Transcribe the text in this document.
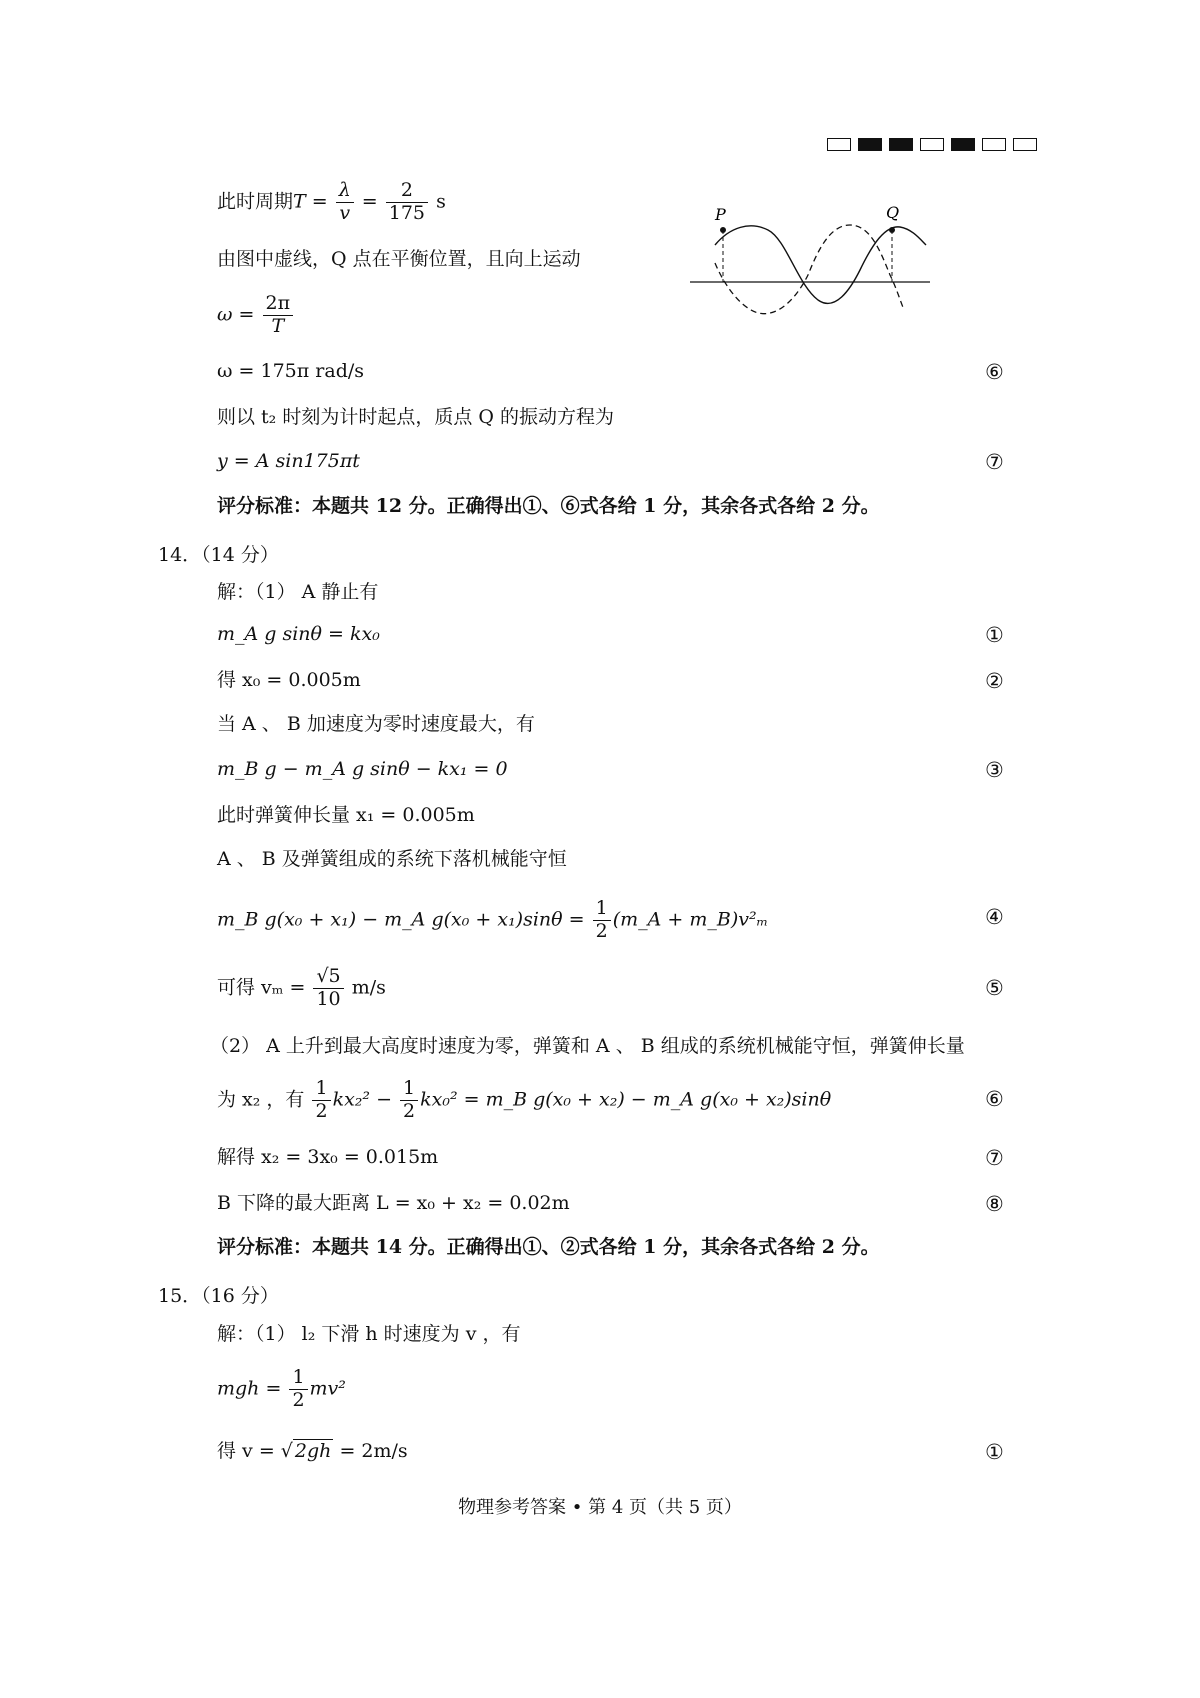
此时周期$T = \frac{\lambda}{v} = \frac{2}{175}$ s
由图中虚线，Q 点在平衡位置，且向上运动
$\omega = \frac{2\pi}{T}$
ω = 175π rad/s	⑥
则以 t₂ 时刻为计时起点，质点 Q 的振动方程为
y = A sin175πt	⑦
评分标准：本题共 12 分。正确得出①、⑥式各给 1 分，其余各式各给 2 分。
P	Q
14．（14 分）
解：（1） A 静止有
m_A g sinθ = kx₀	①
得 x₀ = 0.005m	②
当 A 、 B 加速度为零时速度最大，有
m_B g − m_A g sinθ − kx₁ = 0	③
此时弹簧伸长量 x₁ = 0.005m
A 、 B 及弹簧组成的系统下落机械能守恒
m_B g(x₀ + x₁) − m_A $g(x_0 + x_1)\sin\theta = \frac{1}{2}$ (m_A + m_B)v²ₘ	④
可得 $v_m = \frac{√5}{10} m/s$	⑤
（2） A 上升到最大高度时速度为零，弹簧和 A 、 B 组成的系统机械能守恒，弹簧伸长量
为 x₂ ，有 $\frac{1}{2} kx_2^2 - \frac{1}{2} kx_0^2$ = m_B g(x₀ + x₂) − m_A g(x₀ + x₂)sinθ	⑥
解得 x₂ = 3x₀ = 0.015m	⑦
B 下降的最大距离 L = x₀ + x₂ = 0.02m	⑧
评分标准：本题共 14 分。正确得出①、②式各给 1 分，其余各式各给 2 分。
15．（16 分）
解：（1） l₂ 下滑 h 时速度为 v ，有
mgh = $\frac{1}{2} mv^2$
得 v = √ 2gh = 2m/s	①
物理参考答案 • 第 4 页（共 5 页）
